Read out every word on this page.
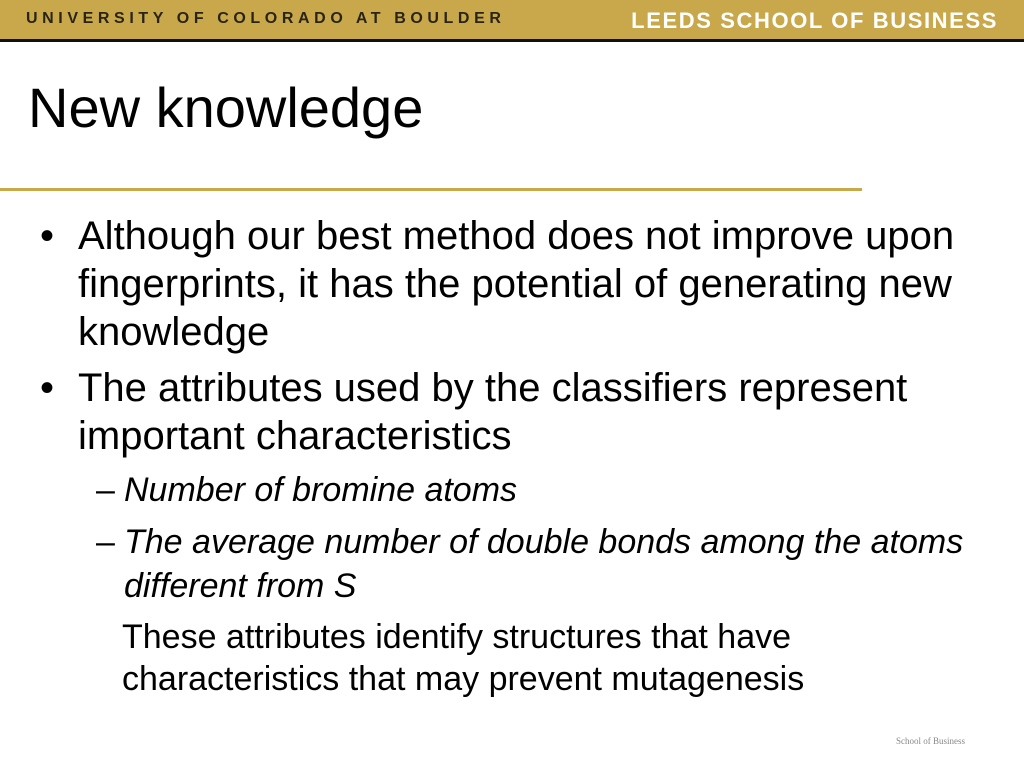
UNIVERSITY OF COLORADO AT BOULDER	LEEDS SCHOOL OF BUSINESS
New knowledge
• Although our best method does not improve upon fingerprints, it has the potential of generating new knowledge
• The attributes used by the classifiers represent important characteristics
– Number of bromine atoms
– The average number of double bonds among the atoms different from S
These attributes identify structures that have characteristics that may prevent mutagenesis
School of Business
